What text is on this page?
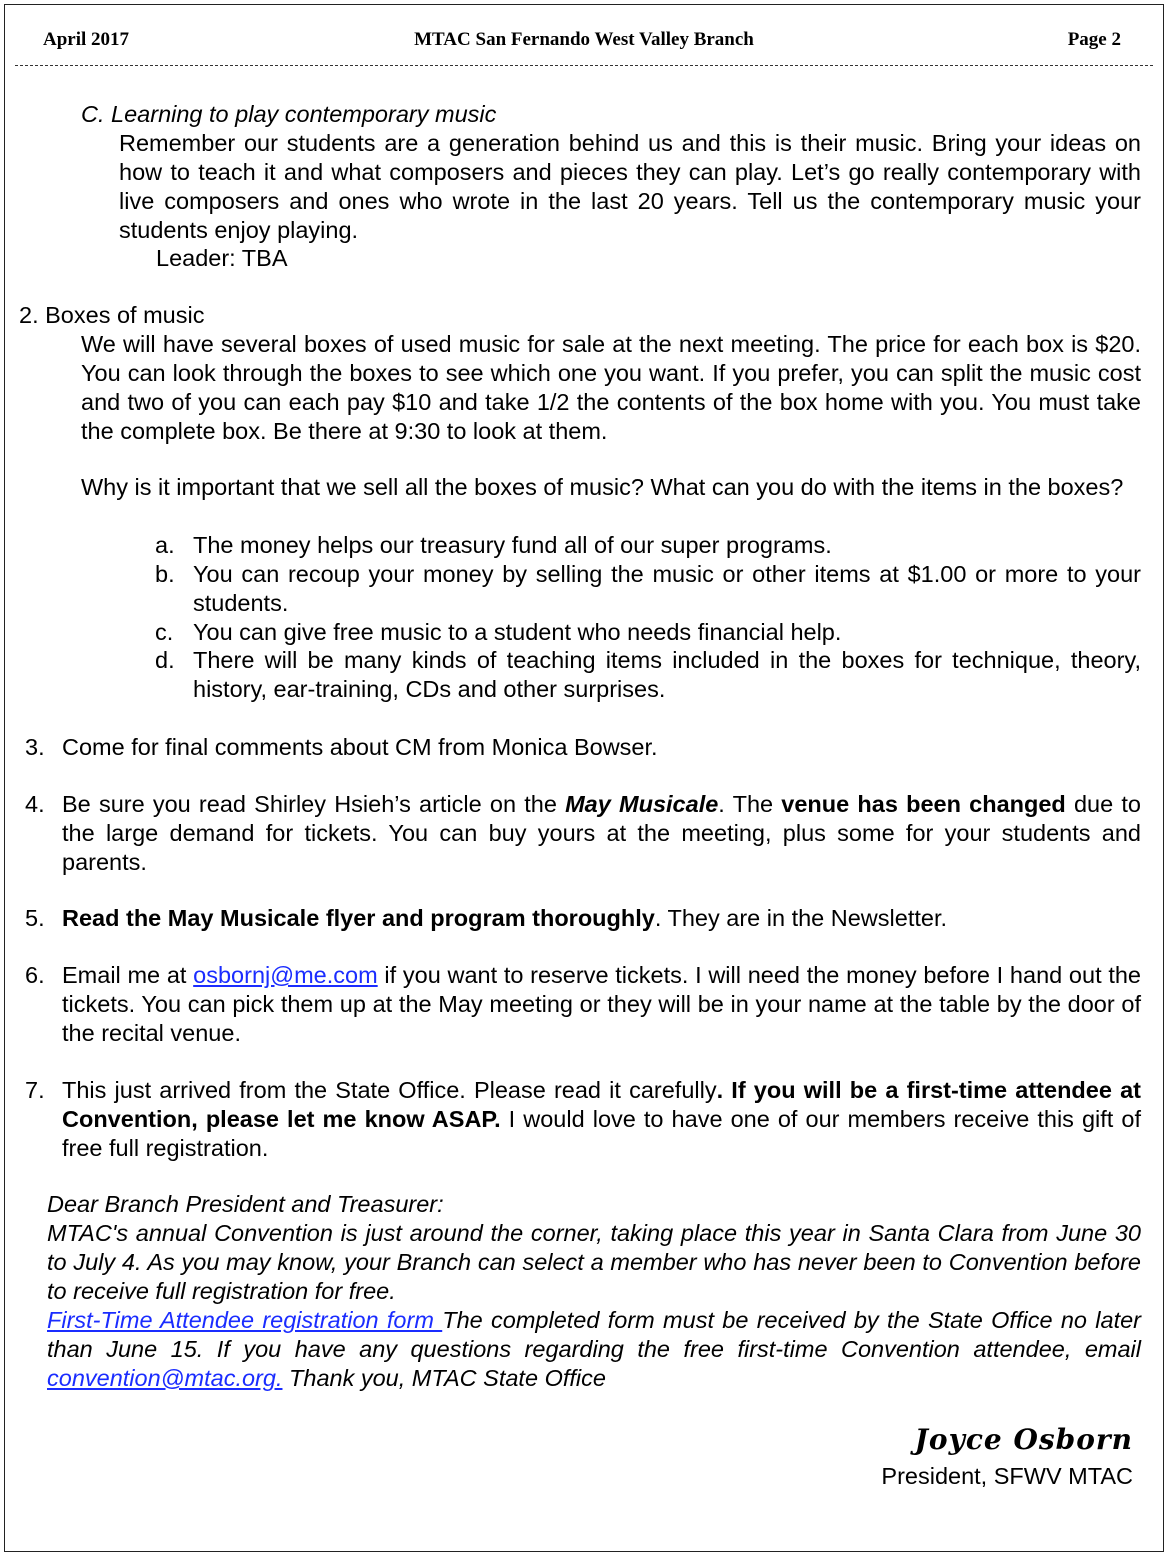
April 2017	MTAC San Fernando West Valley Branch	Page 2
C. Learning to play contemporary music
Remember our students are a generation behind us and this is their music. Bring your ideas on how to teach it and what composers and pieces they can play. Let’s go really contemporary with live composers and ones who wrote in the last 20 years. Tell us the contemporary music your students enjoy playing.
Leader: TBA
2. Boxes of music
We will have several boxes of used music for sale at the next meeting. The price for each box is $20. You can look through the boxes to see which one you want. If you prefer, you can split the music cost and two of you can each pay $10 and take 1/2 the contents of the box home with you. You must take the complete box. Be there at 9:30 to look at them.
Why is it important that we sell all the boxes of music? What can you do with the items in the boxes?
a. The money helps our treasury fund all of our super programs.
b. You can recoup your money by selling the music or other items at $1.00 or more to your students.
c. You can give free music to a student who needs financial help.
d. There will be many kinds of teaching items included in the boxes for technique, theory, history, ear-training, CDs and other surprises.
3. Come for final comments about CM from Monica Bowser.
4. Be sure you read Shirley Hsieh’s article on the May Musicale. The venue has been changed due to the large demand for tickets. You can buy yours at the meeting, plus some for your students and parents.
5. Read the May Musicale flyer and program thoroughly. They are in the Newsletter.
6. Email me at osbornj@me.com if you want to reserve tickets. I will need the money before I hand out the tickets. You can pick them up at the May meeting or they will be in your name at the table by the door of the recital venue.
7. This just arrived from the State Office. Please read it carefully. If you will be a first-time attendee at Convention, please let me know ASAP. I would love to have one of our members receive this gift of free full registration.
Dear Branch President and Treasurer:
MTAC's annual Convention is just around the corner, taking place this year in Santa Clara from June 30 to July 4. As you may know, your Branch can select a member who has never been to Convention before to receive full registration for free.
First-Time Attendee registration form The completed form must be received by the State Office no later than June 15. If you have any questions regarding the free first-time Convention attendee, email convention@mtac.org. Thank you, MTAC State Office
Joyce Osborn
President, SFWV MTAC
